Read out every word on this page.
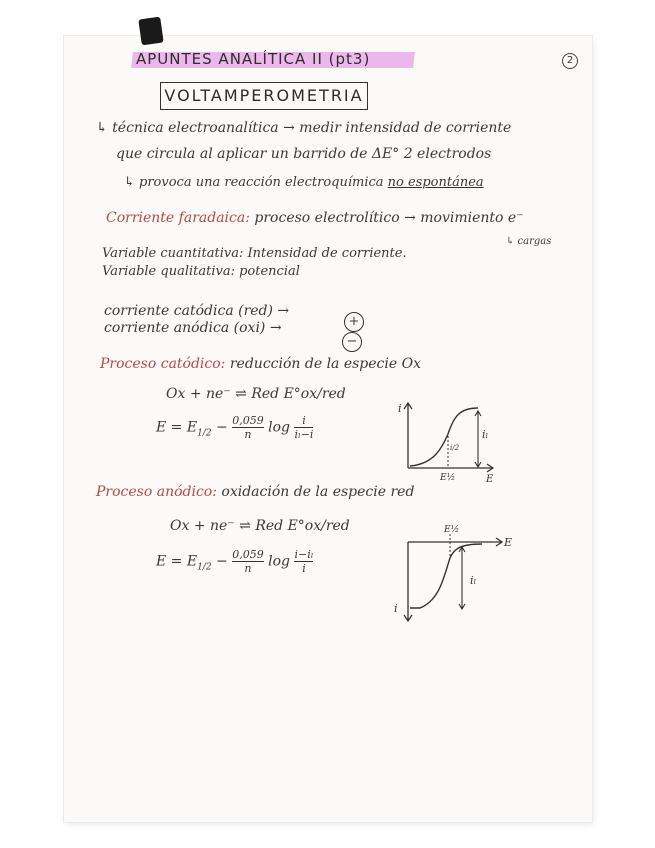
APUNTES ANALÍTICA II (pt3)	2
VOLTAMPEROMETRIA
↳ técnica electroanalítica → medir intensidad de corriente
que circula al aplicar un barrido de ΔE° 2 electrodos
↳ provoca una reacción electroquímica no espontánea
Corriente faradaica: proceso electrolítico → movimiento e⁻
↳ cargas
Variable cuantitativa: Intensidad de corriente.
Variable qualitativa: potencial
corriente catódica (red) →
+
corriente anódica (oxi) →
−
Proceso catódico: reducción de la especie Ox
Ox + ne⁻ ⇌ Red E°ox/red
$E = E_{1/2} - \frac{0,059}{n}$ $\log \frac{i}{\text{iₗ−i}}$
i
E
E½
iₗ
i/2
Proceso anódico: oxidación de la especie red
Ox + ne⁻ ⇌ Red E°ox/red
$E = E_{1/2} - \frac{0,059}{n}$ $\log \frac{\text{i−iₗ}}{i}$
i
E
E½
iₗ
